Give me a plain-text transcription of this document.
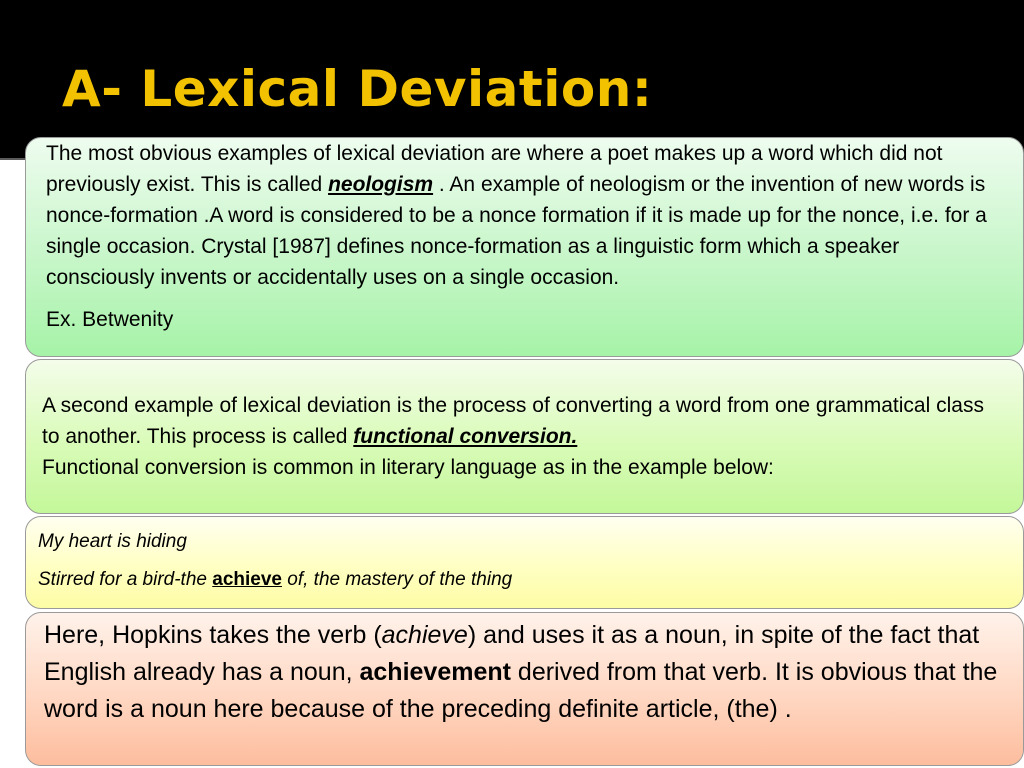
A- Lexical Deviation:

The most obvious examples of lexical deviation are where a poet makes up a word which did not previously exist. This is called neologism . An example of neologism or the invention of new words is nonce-formation .A word is considered to be a nonce formation if it is made up for the nonce, i.e. for a single occasion. Crystal [1987] defines nonce-formation as a linguistic form which a speaker consciously invents or accidentally uses on a single occasion.

Ex. Betwenity

A second example of lexical deviation is the process of converting a word from one grammatical class to another. This process is called functional conversion.

Functional conversion is common in literary language as in the example below:

My heart is hiding

Stirred for a bird-the achieve of, the mastery of the thing

Here, Hopkins takes the verb (achieve) and uses it as a noun, in spite of the fact that English already has a noun, achievement derived from that verb. It is obvious that the word is a noun here because of the preceding definite article, (the) .
